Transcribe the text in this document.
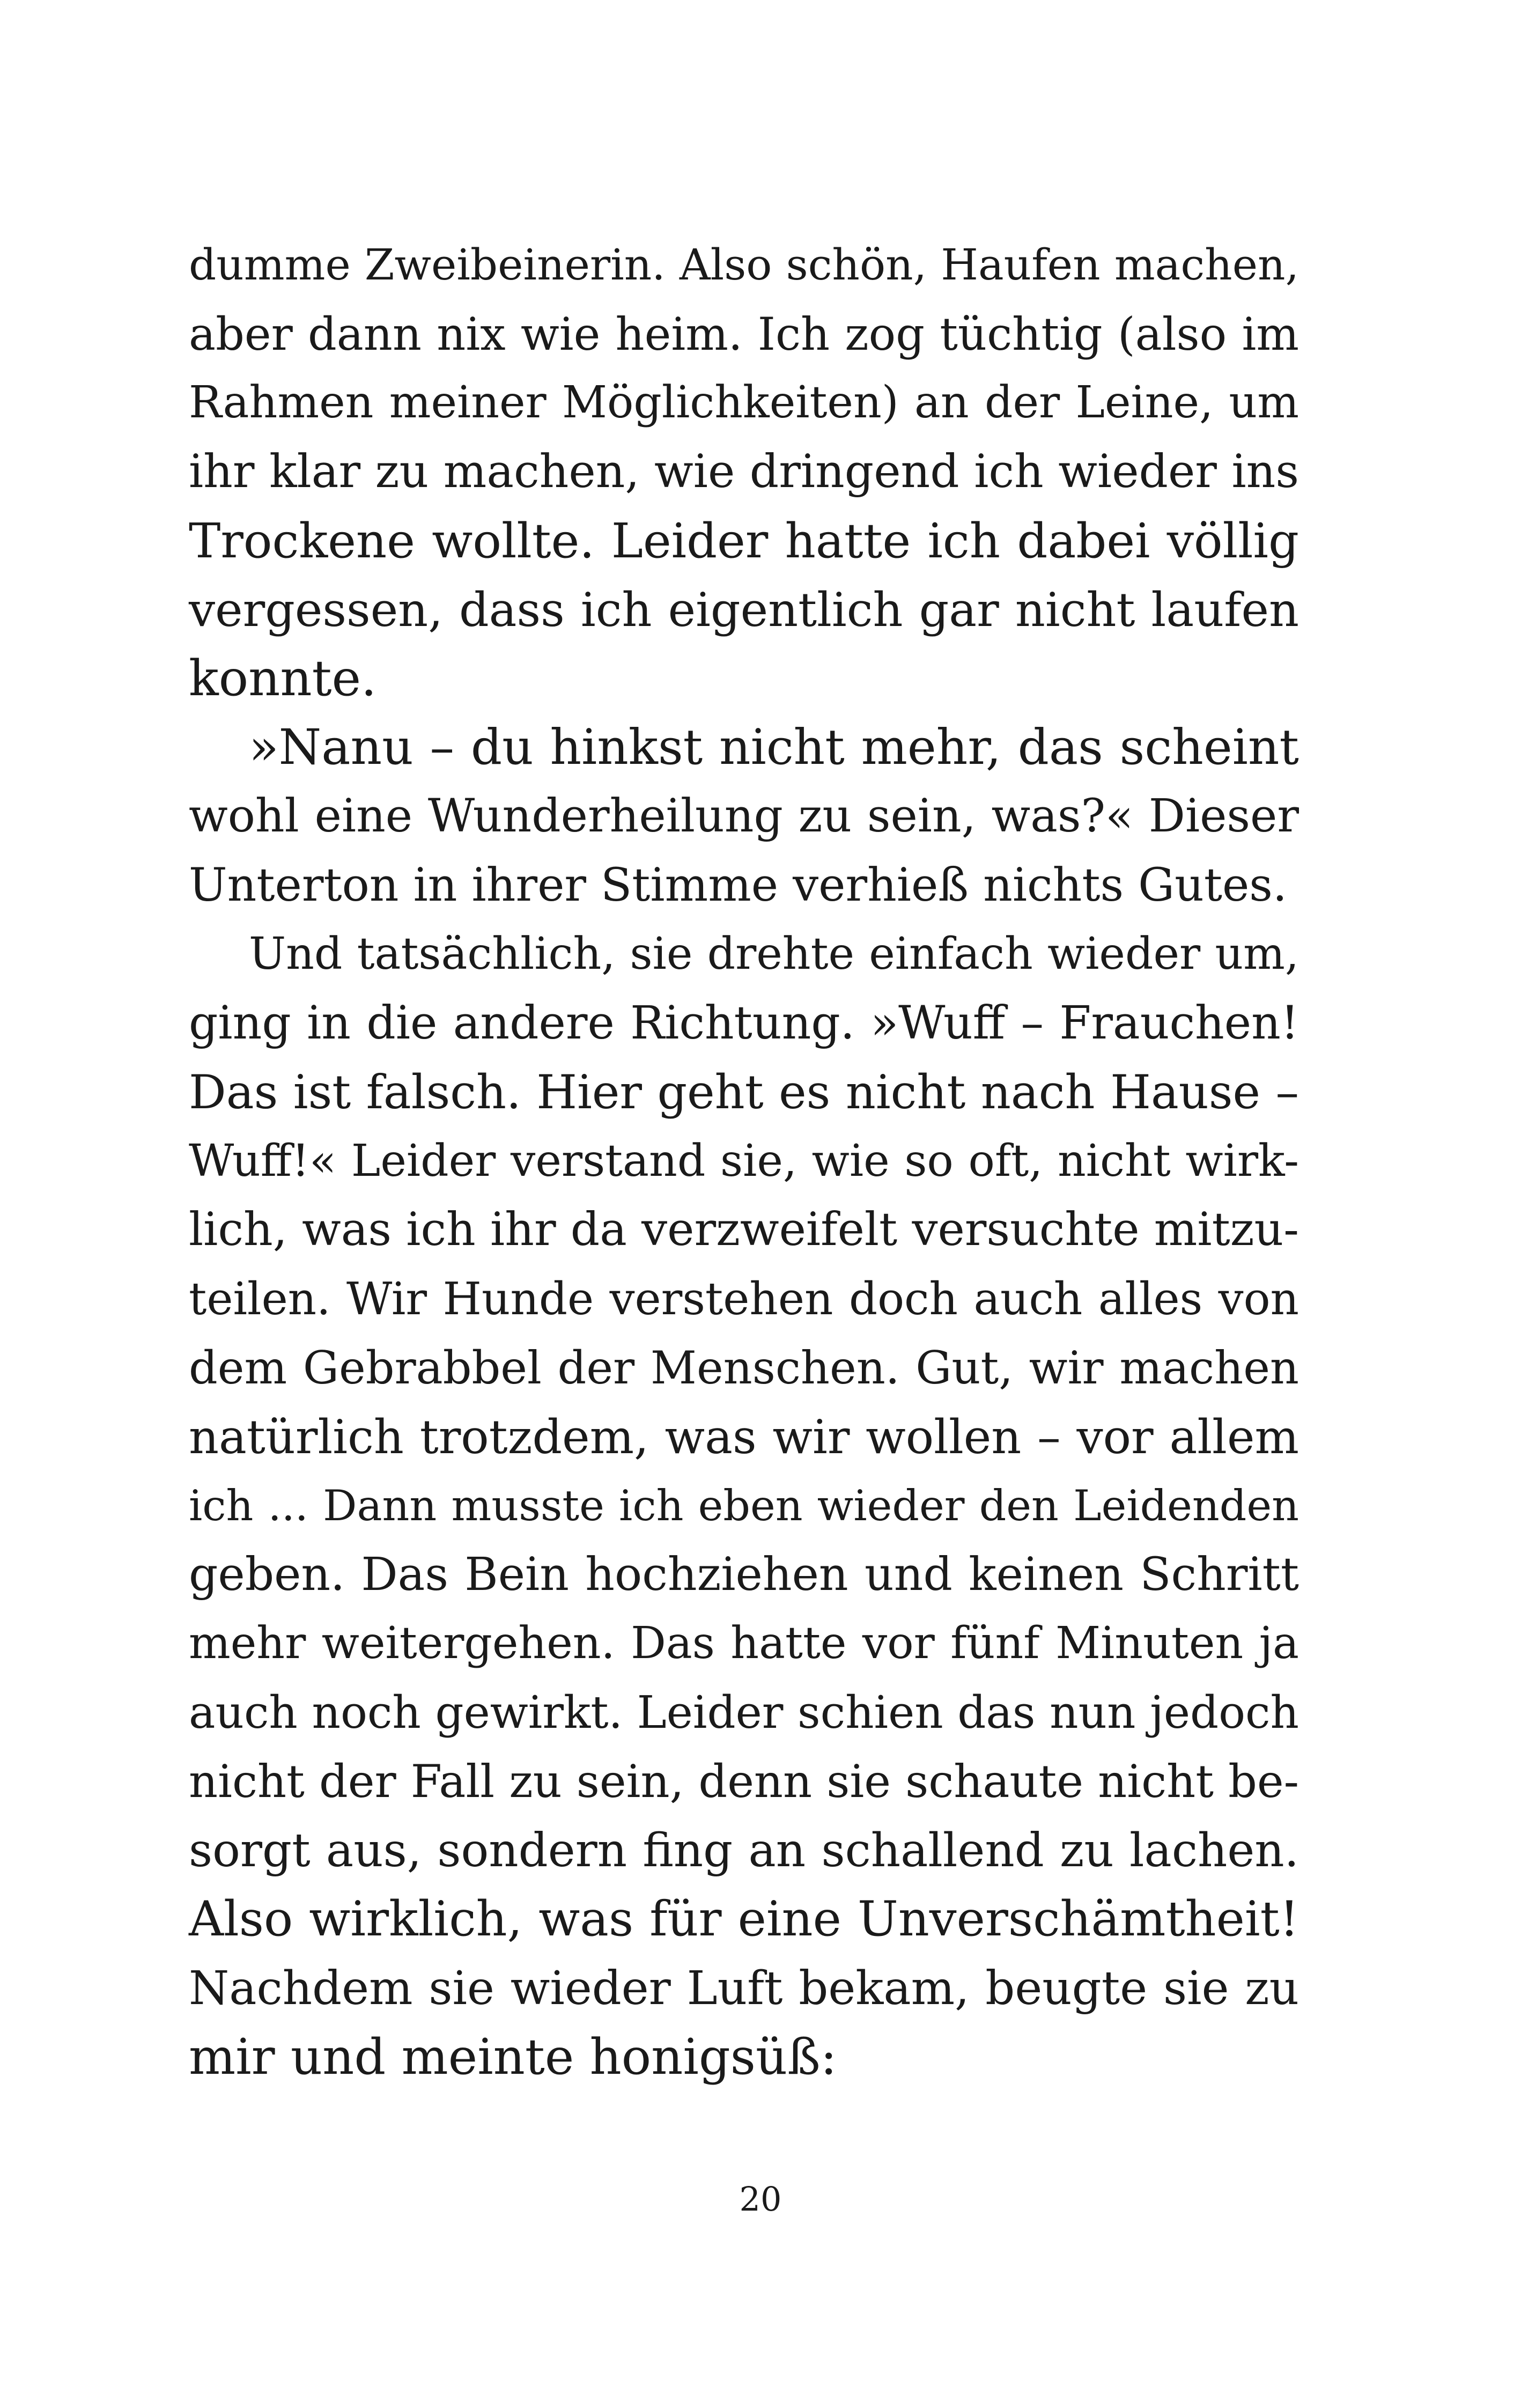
dumme Zweibeinerin. Also schön, Haufen machen,
aber dann nix wie heim. Ich zog tüchtig (also im
Rahmen meiner Möglichkeiten) an der Leine, um
ihr klar zu machen, wie dringend ich wieder ins
Trockene wollte. Leider hatte ich dabei völlig
vergessen, dass ich eigentlich gar nicht laufen
konnte.
»Nanu – du hinkst nicht mehr, das scheint
wohl eine Wunderheilung zu sein, was?« Dieser
Unterton in ihrer Stimme verhieß nichts Gutes.
Und tatsächlich, sie drehte einfach wieder um,
ging in die andere Richtung. »Wuff – Frauchen!
Das ist falsch. Hier geht es nicht nach Hause –
Wuff!« Leider verstand sie, wie so oft, nicht wirk-
lich, was ich ihr da verzweifelt versuchte mitzu-
teilen. Wir Hunde verstehen doch auch alles von
dem Gebrabbel der Menschen. Gut, wir machen
natürlich trotzdem, was wir wollen – vor allem
ich ... Dann musste ich eben wieder den Leidenden
geben. Das Bein hochziehen und keinen Schritt
mehr weitergehen. Das hatte vor fünf Minuten ja
auch noch gewirkt. Leider schien das nun jedoch
nicht der Fall zu sein, denn sie schaute nicht be-
sorgt aus, sondern fing an schallend zu lachen.
Also wirklich, was für eine Unverschämtheit!
Nachdem sie wieder Luft bekam, beugte sie zu
mir und meinte honigsüß:
20
